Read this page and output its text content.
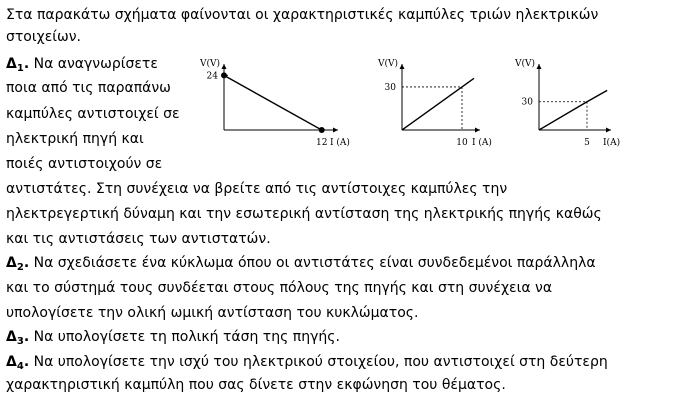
Στα παρακάτω σχήματα φαίνονται οι χαρακτηριστικές καμπύλες τριών ηλεκτρικών
στοιχείων.
$\Delta_1$. Να αναγνωρίσετε
ποια από τις παραπάνω
καμπύλες αντιστοιχεί σε
ηλεκτρική πηγή και
ποιές αντιστοιχούν σε
αντιστάτες. Στη συνέχεια να βρείτε από τις αντίστοιχες καμπύλες την
ηλεκτρεγερτική δύναμη και την εσωτερική αντίσταση της ηλεκτρικής πηγής καθώς
και τις αντιστάσεις των αντιστατών.
$\Delta_2$. Να σχεδιάσετε ένα κύκλωμα όπου οι αντιστάτες είναι συνδεδεμένοι παράλληλα
και το σύστημά τους συνδέεται στους πόλους της πηγής και στη συνέχεια να
υπολογίσετε την ολική ωμική αντίσταση του κυκλώματος.
$\Delta_3$. Να υπολογίσετε τη πολική τάση της πηγής.
$\Delta_4$. Να υπολογίσετε την ισχύ του ηλεκτρικού στοιχείου, που αντιστοιχεί στη δεύτερη
χαρακτηριστική καμπύλη που σας δίνετε στην εκφώνηση του θέματος.
V(V)
I (A)
12
24
V(V)
I (A)
10
30
V(V)
I(A)
5
30
